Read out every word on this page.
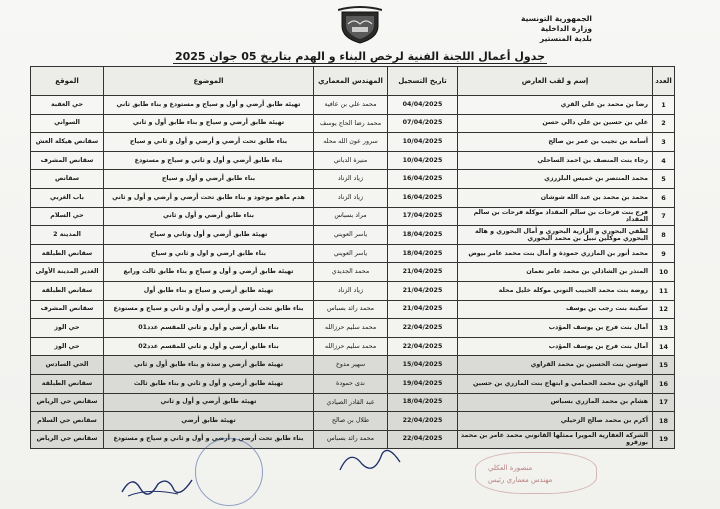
الجمهورية التونسية
وزارة الداخلية
بلدية المنستير
جدول أعمال اللجنة الفنية لرخص البناء و الهدم بتاريخ 05 جوان 2025
العدد	إسم و لقب العارض	تاريخ التسجيل	المهندس المعماري	الموضوع	الموقع
1	رضا بن محمد بن علي القري	04/04/2025	محمد علي بن عافية	تهيئة طابق أرضي و أول و سياج و مستودع و بناء طابق ثاني	حي العقبة
2	علي بن حسين بن علي دالي حسن	07/04/2025	محمد رضا الحاج يوسف	تهيئة طابق أرضي و سياج و بناء طابق أول و ثاني	السواني
3	أسامة بن نجيب بن عمر بن صالح	10/04/2025	سرور عون الله محله	بناء طابق تحت أرضي و أرضي و أول و ثاني و سياج	سقانص هيكلة العش
4	رجاء بنت المنصف بن احمد الساحلي	10/04/2025	منيرة الدباني	بناء طابق أرضي و أول و ثاني و سياج و مستودع	سقانص المشرف
5	محمد المنتصر بن خميس البلزرزي	16/04/2025	زياد الزناد	بناء طابق أرضي و أول و سياج	سقانص
6	محمد بن محمد بن عبد الله شوشان	16/04/2025	زياد الزناد	هدم ماهو موجود و بناء طابق تحت أرضي و أرضي و أول و ثاني	باب الغربي
7	فرج بنت فرحات بن سالم المقداد موكلة فرحات بن سالم المقداد	17/04/2025	مراد بسباس	بناء طابق أرضي و أول و ثاني	حي السلام
8	لطفي البحوري و الزازية البحوري و أمال البحوري و هالة البحوري موكلين نبيل بن محمد البحوري	18/04/2025	ياسر العويني	تهيئة طابق أرضي و أول وثاني و سياج	المدينة 2
9	محمد أنور بن المازري حمودة و أمال بنت محمد عامر بيوض	18/04/2025	ياسر العويني	بناء طابق ارضي و اول و ثاني و سياج	سقانص الطبلقة
10	المنذر بن الشاذلي بن محمد عامر نعمان	21/04/2025	محمد الجديدي	تهيئة طابق أرضي و أول و سياج و بناء طابق ثالث ورابع	الغدير المدينة الأولى
11	روضة بنت محمد الحبيب التوني موكلة خليل محلة	21/04/2025	زياد الزناد	تهيئة طابق أرضي و سياج و بناء طابق أول	سقانص الطبلقة
12	سكينة بنت رجب بن يوسف	21/04/2025	محمد رائد بسباس	بناء طابق تحت أرضي و أرضي و أول و ثاني و سياج و مستودع	سقانص المشرف
13	آمال بنت فرج بن يوسف المؤدب	22/04/2025	محمد سليم حرزالله	بناء طابق أرضي و أول و ثاني للمقسم عدد01	حي الوز
14	آمال بنت فرج بن يوسف المؤدب	22/04/2025	محمد سليم حرزالله	بناء طابق أرضي و أول و ثاني للمقسم عدد02	حي الوز
15	سوسن بنت الحسين بن محمد القراوي	15/04/2025	سهير مدوخ	تهيئة طابق أرضي و سدة و بناء طابق أول و ثاني	الحي السادس
16	الهادي بن محمد الحمامي و ابتهاج بنت المازري بن حسين	19/04/2025	ندى حمودة	تهيئة طابق أرضي و أول و ثاني و بناء طابق ثالث	سقانص الطبلقة
17	هشام بن محمد المازري بسباس	18/04/2025	عبد القادر الصيادي	تهيئة طابق أرضي و أول و ثاني	سقانص حي الرياض
18	أكرم بن محمد صالح الزحيلي	22/04/2025	طلال بن صالح	تهيئة طابق أرضي	سقانص حي السلام
19	الشركة العقارية المويرا ممثلها القانوني محمد عامر بن محمد بوزقرو	22/04/2025	محمد رائد بسباس	بناء طابق تحت أرضي و أرضي و أول و ثاني و سياج و مستودع	سقانص حي الرياض
منصورة العكلي
مهندس معماري رئيس
